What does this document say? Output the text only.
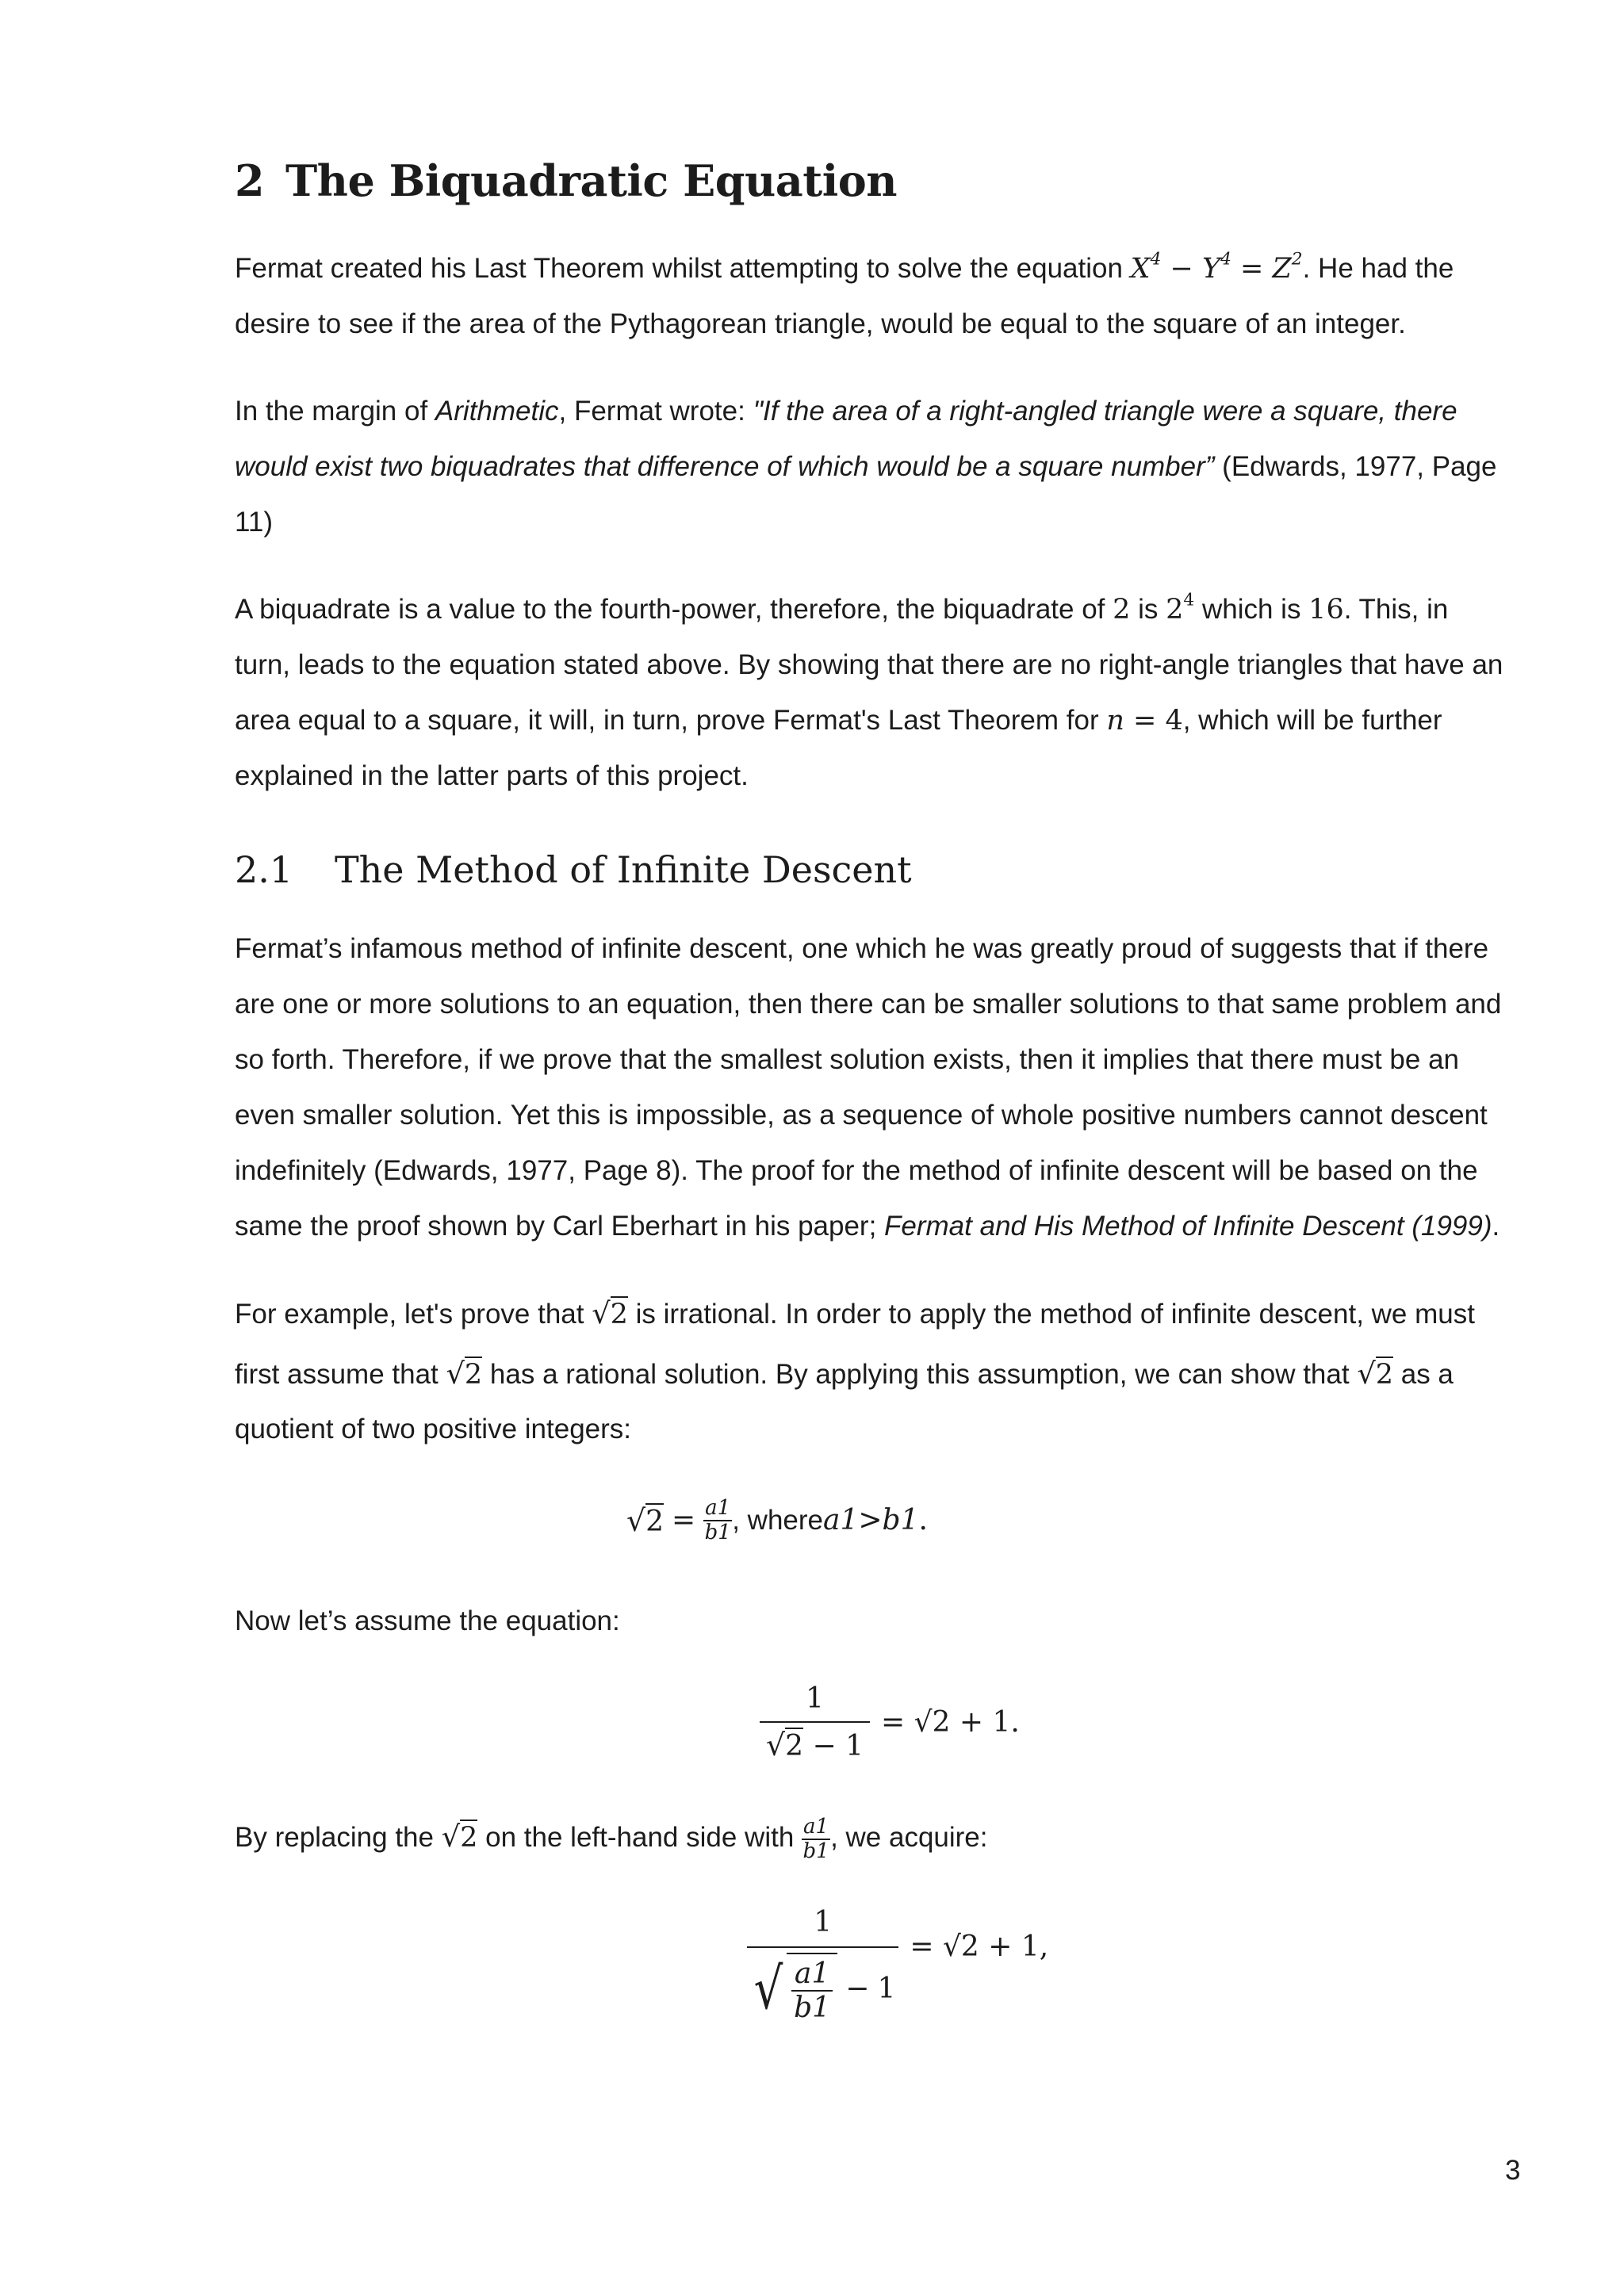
2 The Biquadratic Equation

Fermat created his Last Theorem whilst attempting to solve the equation $X^4 - Y^4 = Z^2$. He had the
desire to see if the area of the Pythagorean triangle, would be equal to the square of an integer.

In the margin of Arithmetic, Fermat wrote: "If the area of a right-angled triangle were a square, there
would exist two biquadrates that difference of which would be a square number” (Edwards, 1977, Page
11)

A biquadrate is a value to the fourth-power, therefore, the biquadrate of 2 is $2^4$ which is 16. This, in
turn, leads to the equation stated above. By showing that there are no right-angle triangles that have an
area equal to a square, it will, in turn, prove Fermat's Last Theorem for n = 4, which will be further
explained in the latter parts of this project.

2.1 The Method of Infinite Descent

Fermat’s infamous method of infinite descent, one which he was greatly proud of suggests that if there
are one or more solutions to an equation, then there can be smaller solutions to that same problem and
so forth. Therefore, if we prove that the smallest solution exists, then it implies that there must be an
even smaller solution. Yet this is impossible, as a sequence of whole positive numbers cannot descent
indefinitely (Edwards, 1977, Page 8). The proof for the method of infinite descent will be based on the
same the proof shown by Carl Eberhart in his paper; Fermat and His Method of Infinite Descent (1999).

For example, let's prove that √2 is irrational. In order to apply the method of infinite descent, we must
first assume that √2 has a rational solution. By applying this assumption, we can show that √2 as a
quotient of two positive integers:

$√2 = \frac{a1}{b1}$ , where a1 > b1 .

Now let’s assume the equation:

$\frac{1}{√2 - 1} = √2 + 1$.

By replacing the √2 on the left-hand side with $\frac{a1}{b1}$ , we acquire:

1
√ a1
b1
− 1 = √2 + 1,
3
